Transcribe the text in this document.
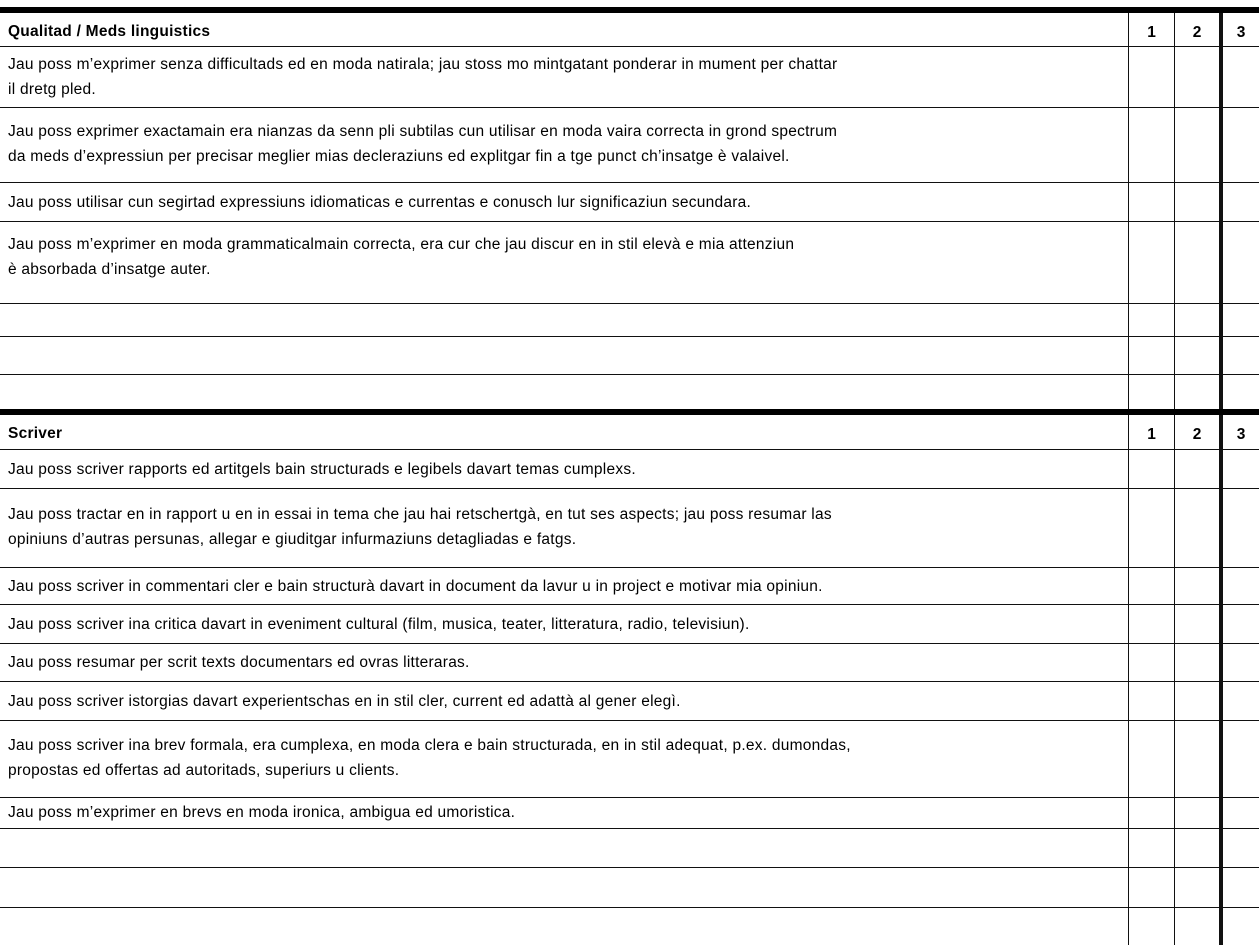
Qualitad / Meds linguistics	1	2	3
Jau poss m’exprimer senza difficultads ed en moda natirala; jau stoss mo mintgatant ponderar in mument per chattar
il dretg pled.
Jau poss exprimer exactamain era nianzas da senn pli subtilas cun utilisar en moda vaira correcta in grond spectrum
da meds d’expressiun per precisar meglier mias decleraziuns ed explitgar fin a tge punct ch’insatge è valaivel.
Jau poss utilisar cun segirtad expressiuns idiomaticas e currentas e conusch lur significaziun secundara.
Jau poss m’exprimer en moda grammaticalmain correcta, era cur che jau discur en in stil elevà e mia attenziun
è absorbada d’insatge auter.
Scriver	1	2	3
Jau poss scriver rapports ed artitgels bain structurads e legibels davart temas cumplexs.
Jau poss tractar en in rapport u en in essai in tema che jau hai retschertgà, en tut ses aspects; jau poss resumar las
opiniuns d’autras persunas, allegar e giuditgar infurmaziuns detagliadas e fatgs.
Jau poss scriver in commentari cler e bain structurà davart in document da lavur u in project e motivar mia opiniun.
Jau poss scriver ina critica davart in eveniment cultural (film, musica, teater, litteratura, radio, televisiun).
Jau poss resumar per scrit texts documentars ed ovras litteraras.
Jau poss scriver istorgias davart experientschas en in stil cler, current ed adattà al gener elegì.
Jau poss scriver ina brev formala, era cumplexa, en moda clera e bain structurada, en in stil adequat, p.ex. dumondas,
propostas ed offertas ad autoritads, superiurs u clients.
Jau poss m’exprimer en brevs en moda ironica, ambigua ed umoristica.
